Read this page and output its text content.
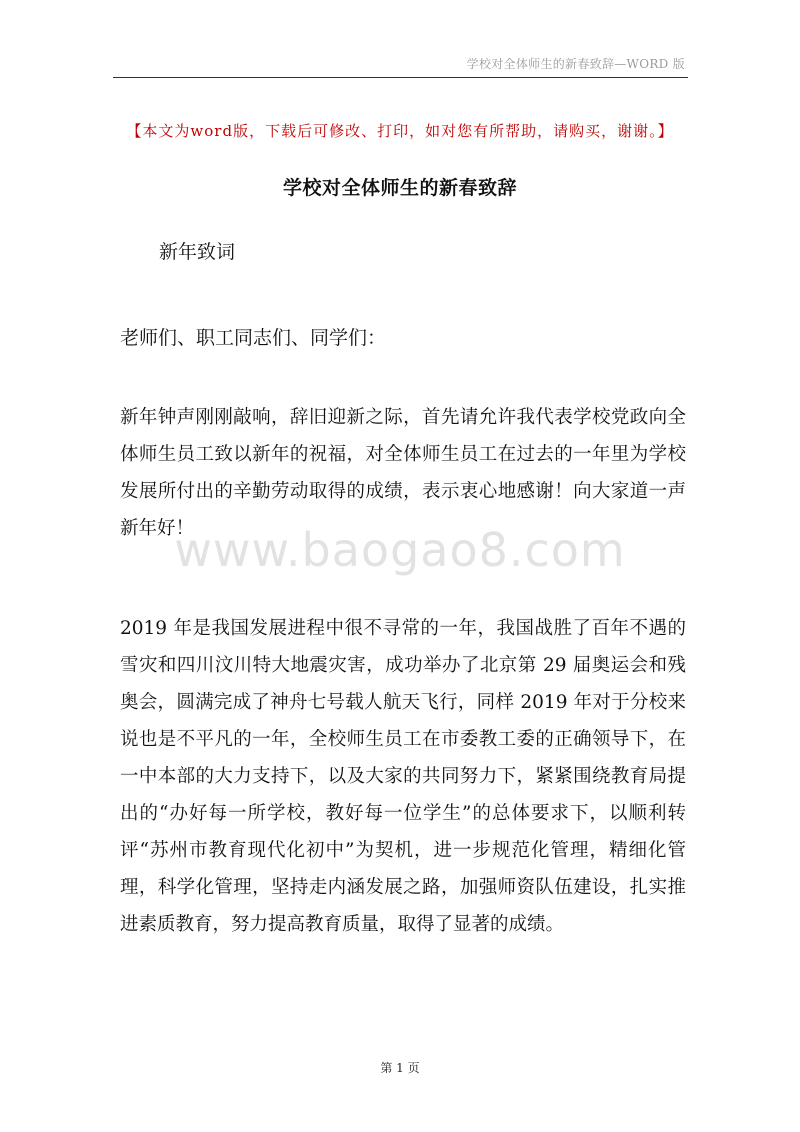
学校对全体师生的新春致辞—WORD 版
【本文为word版，下载后可修改、打印，如对您有所帮助，请购买，谢谢。】
学校对全体师生的新春致辞
新年致词
老师们、职工同志们、同学们：

新年钟声刚刚敲响，辞旧迎新之际，首先请允许我代表学校党政向全体师生员工致以新年的祝福，对全体师生员工在过去的一年里为学校发展所付出的辛勤劳动取得的成绩，表示衷心地感谢！向大家道一声新年好！

2019 年是我国发展进程中很不寻常的一年，我国战胜了百年不遇的雪灾和四川汶川特大地震灾害，成功举办了北京第 29 届奥运会和残奥会，圆满完成了神舟七号载人航天飞行，同样 2019 年对于分校来说也是不平凡的一年，全校师生员工在市委教工委的正确领导下，在一中本部的大力支持下，以及大家的共同努力下，紧紧围绕教育局提出的“办好每一所学校，教好每一位学生”的总体要求下，以顺利转评“苏州市教育现代化初中”为契机，进一步规范化管理，精细化管理，科学化管理，坚持走内涵发展之路，加强师资队伍建设，扎实推进素质教育，努力提高教育质量，取得了显著的成绩。

www.baogao8.com
第 1 页
